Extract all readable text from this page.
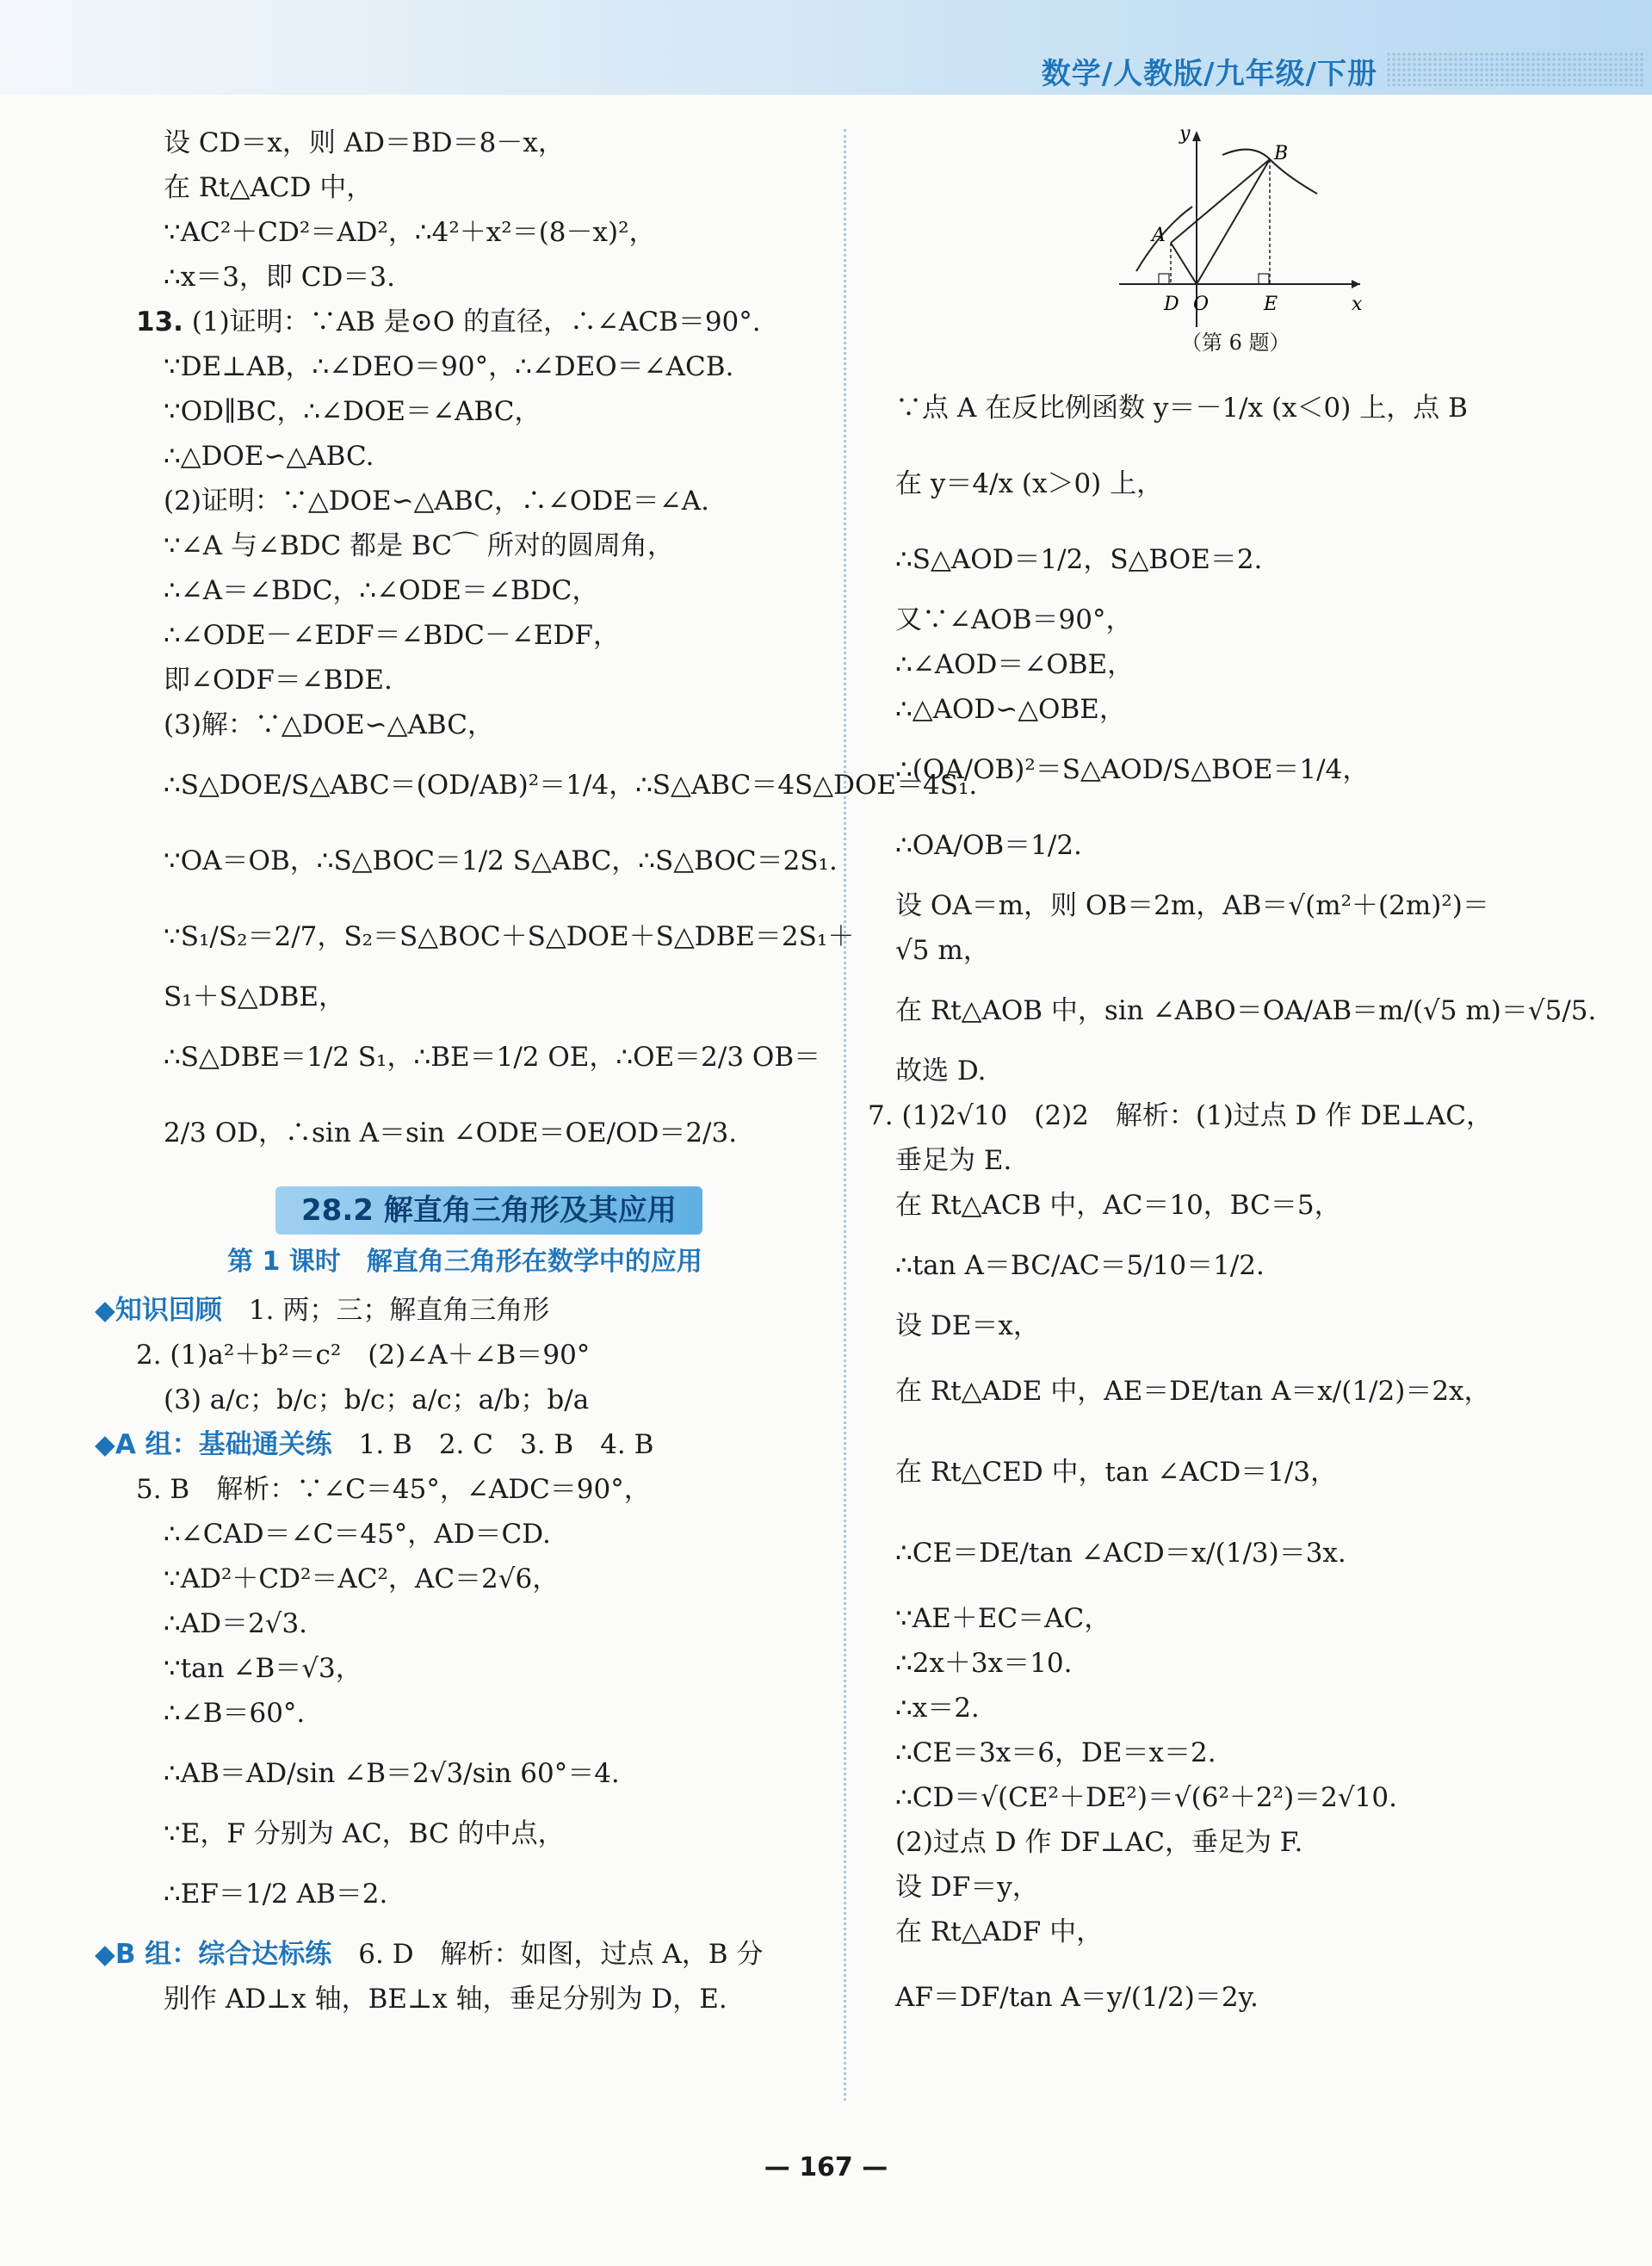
数学/人教版/九年级/下册
设 CD＝x，则 AD＝BD＝8－x，
在 Rt△ACD 中，
∵AC²＋CD²＝AD²，∴4²＋x²＝(8－x)²，
∴x＝3，即 CD＝3.
13. (1)证明：∵AB 是⊙O 的直径，∴∠ACB＝90°.
∵DE⊥AB，∴∠DEO＝90°，∴∠DEO＝∠ACB.
∵OD∥BC，∴∠DOE＝∠ABC，
∴△DOE∽△ABC.
(2)证明：∵△DOE∽△ABC，∴∠ODE＝∠A.
∵∠A 与∠BDC 都是 BC⌒ 所对的圆周角，
∴∠A＝∠BDC，∴∠ODE＝∠BDC，
∴∠ODE－∠EDF＝∠BDC－∠EDF，
即∠ODF＝∠BDE.
(3)解：∵△DOE∽△ABC，
∴S△DOE/S△ABC＝(OD/AB)²＝1/4，∴S△ABC＝4S△DOE＝4S₁.
∵OA＝OB，∴S△BOC＝1/2 S△ABC，∴S△BOC＝2S₁.
∵S₁/S₂＝2/7，S₂＝S△BOC＋S△DOE＋S△DBE＝2S₁＋
S₁＋S△DBE，
∴S△DBE＝1/2 S₁，∴BE＝1/2 OE，∴OE＝2/3 OB＝
2/3 OD，∴sin A＝sin ∠ODE＝OE/OD＝2/3.
28.2 解直角三角形及其应用
第 1 课时　解直角三角形在数学中的应用
◆知识回顾　 1. 两；三；解直角三角形
2. (1)a²＋b²＝c²　(2)∠A＋∠B＝90°
(3) a/c；b/c；b/c；a/c；a/b；b/a
◆A 组：基础通关练　 1. B　2. C　3. B　4. B
5. B　解析：∵∠C＝45°，∠ADC＝90°，
∴∠CAD＝∠C＝45°，AD＝CD.
∵AD²＋CD²＝AC²，AC＝2√6，
∴AD＝2√3.
∵tan ∠B＝√3，
∴∠B＝60°.
∴AB＝AD/sin ∠B＝2√3/sin 60°＝4.
∵E，F 分别为 AC，BC 的中点，
∴EF＝1/2 AB＝2.
◆B 组：综合达标练　 6. D　解析：如图，过点 A，B 分
别作 AD⊥x 轴，BE⊥x 轴，垂足分别为 D，E.
y
x
A
B
D O	E
（第 6 题）
∵点 A 在反比例函数 y＝－1/x (x＜0) 上，点 B
在 y＝4/x (x＞0) 上，
∴S△AOD＝1/2，S△BOE＝2.
又∵∠AOB＝90°，
∴∠AOD＝∠OBE，
∴△AOD∽△OBE，
∴(OA/OB)²＝S△AOD/S△BOE＝1/4，
∴OA/OB＝1/2.
设 OA＝m，则 OB＝2m，AB＝√(m²＋(2m)²)＝
√5 m，
在 Rt△AOB 中，sin ∠ABO＝OA/AB＝m/(√5 m)＝√5/5.
故选 D.
7. (1)2√10　(2)2　解析：(1)过点 D 作 DE⊥AC，
垂足为 E.
在 Rt△ACB 中，AC＝10，BC＝5，
∴tan A＝BC/AC＝5/10＝1/2.
设 DE＝x，
在 Rt△ADE 中，AE＝DE/tan A＝x/(1/2)＝2x，
在 Rt△CED 中，tan ∠ACD＝1/3，
∴CE＝DE/tan ∠ACD＝x/(1/3)＝3x.
∵AE＋EC＝AC，
∴2x＋3x＝10.
∴x＝2.
∴CE＝3x＝6，DE＝x＝2.
∴CD＝√(CE²＋DE²)＝√(6²＋2²)＝2√10.
(2)过点 D 作 DF⊥AC，垂足为 F.
设 DF＝y，
在 Rt△ADF 中，
AF＝DF/tan A＝y/(1/2)＝2y.
— 167 —
